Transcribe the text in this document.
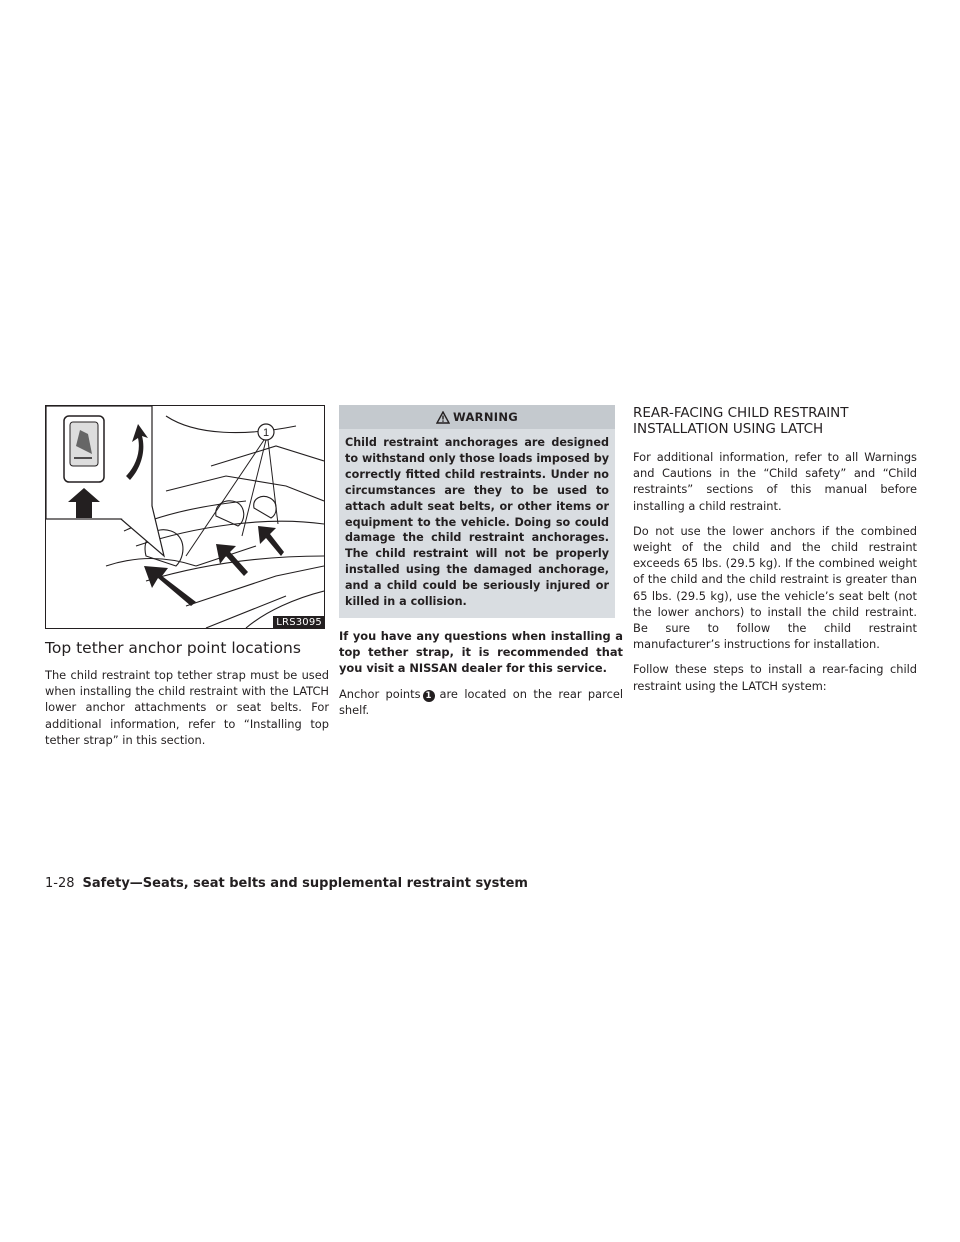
1
LRS3095
Top tether anchor point locations

The child restraint top tether strap must be used when installing the child restraint with the LATCH lower anchor attachments or seat belts. For additional information, refer to “Installing top tether strap” in this section.

WARNING
Child restraint anchorages are designed to withstand only those loads imposed by correctly fitted child restraints. Under no circumstances are they to be used to attach adult seat belts, or other items or equipment to the vehicle. Doing so could damage the child restraint anchorages. The child restraint will not be properly installed using the damaged anchorage, and a child could be seriously injured or killed in a collision.

If you have any questions when installing a top tether strap, it is recommended that you visit a NISSAN dealer for this service.

Anchor points 1 are located on the rear parcel shelf.

REAR-FACING CHILD RESTRAINT
INSTALLATION USING LATCH

For additional information, refer to all Warnings and Cautions in the “Child safety” and “Child restraints” sections of this manual before installing a child restraint.

Do not use the lower anchors if the combined weight of the child and the child restraint exceeds 65 lbs. (29.5 kg). If the combined weight of the child and the child restraint is greater than 65 lbs. (29.5 kg), use the vehicle’s seat belt (not the lower anchors) to install the child restraint. Be sure to follow the child restraint manufacturer’s instructions for installation.

Follow these steps to install a rear-facing child restraint using the LATCH system:

1-28 Safety—Seats, seat belts and supplemental restraint system
